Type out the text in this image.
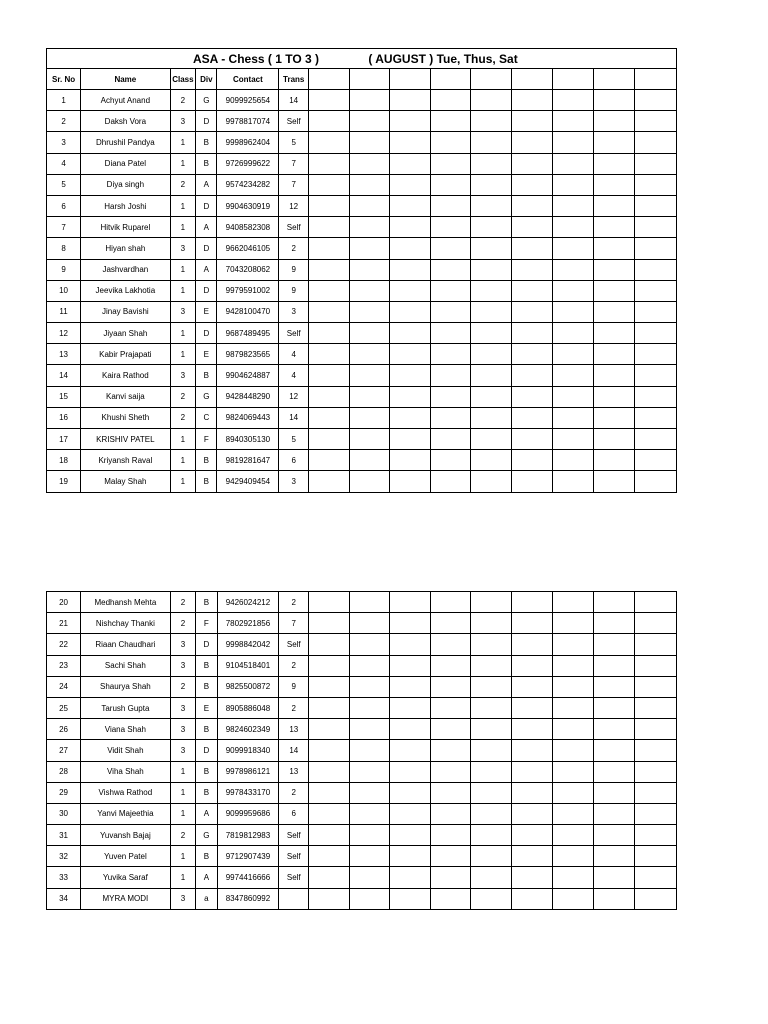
ASA - Chess ( 1 TO 3 ) ( AUGUST ) Tue, Thus, Sat														
Sr. No	Name	Class	Div	Contact	Trans									
1	Achyut Anand	2	G	9099925654	14									
2	Daksh Vora	3	D	9978817074	Self									
3	Dhrushil Pandya	1	B	9998962404	5									
4	Diana Patel	1	B	9726999622	7									
5	Diya singh	2	A	9574234282	7									
6	Harsh Joshi	1	D	9904630919	12									
7	Hitvik Ruparel	1	A	9408582308	Self									
8	Hiyan shah	3	D	9662046105	2									
9	Jashvardhan	1	A	7043208062	9									
10	Jeevika Lakhotia	1	D	9979591002	9									
11	Jinay Bavishi	3	E	9428100470	3									
12	Jiyaan Shah	1	D	9687489495	Self									
13	Kabir Prajapati	1	E	9879823565	4									
14	Kaira Rathod	3	B	9904624887	4									
15	Kanvi saija	2	G	9428448290	12									
16	Khushi Sheth	2	C	9824069443	14									
17	KRISHIV PATEL	1	F	8940305130	5									
18	Kriyansh Raval	1	B	9819281647	6									
19	Malay Shah	1	B	9429409454	3									
20	Medhansh Mehta	2	B	9426024212	2									
21	Nishchay Thanki	2	F	7802921856	7									
22	Riaan Chaudhari	3	D	9998842042	Self									
23	Sachi Shah	3	B	9104518401	2									
24	Shaurya Shah	2	B	9825500872	9									
25	Tarush Gupta	3	E	8905886048	2									
26	Viana Shah	3	B	9824602349	13									
27	Vidit Shah	3	D	9099918340	14									
28	Viha Shah	1	B	9978986121	13									
29	Vishwa Rathod	1	B	9978433170	2									
30	Yanvi Majeethia	1	A	9099959686	6									
31	Yuvansh Bajaj	2	G	7819812983	Self									
32	Yuven Patel	1	B	9712907439	Self									
33	Yuvika Saraf	1	A	9974416666	Self									
34	MYRA MODI	3	a	8347860992										
